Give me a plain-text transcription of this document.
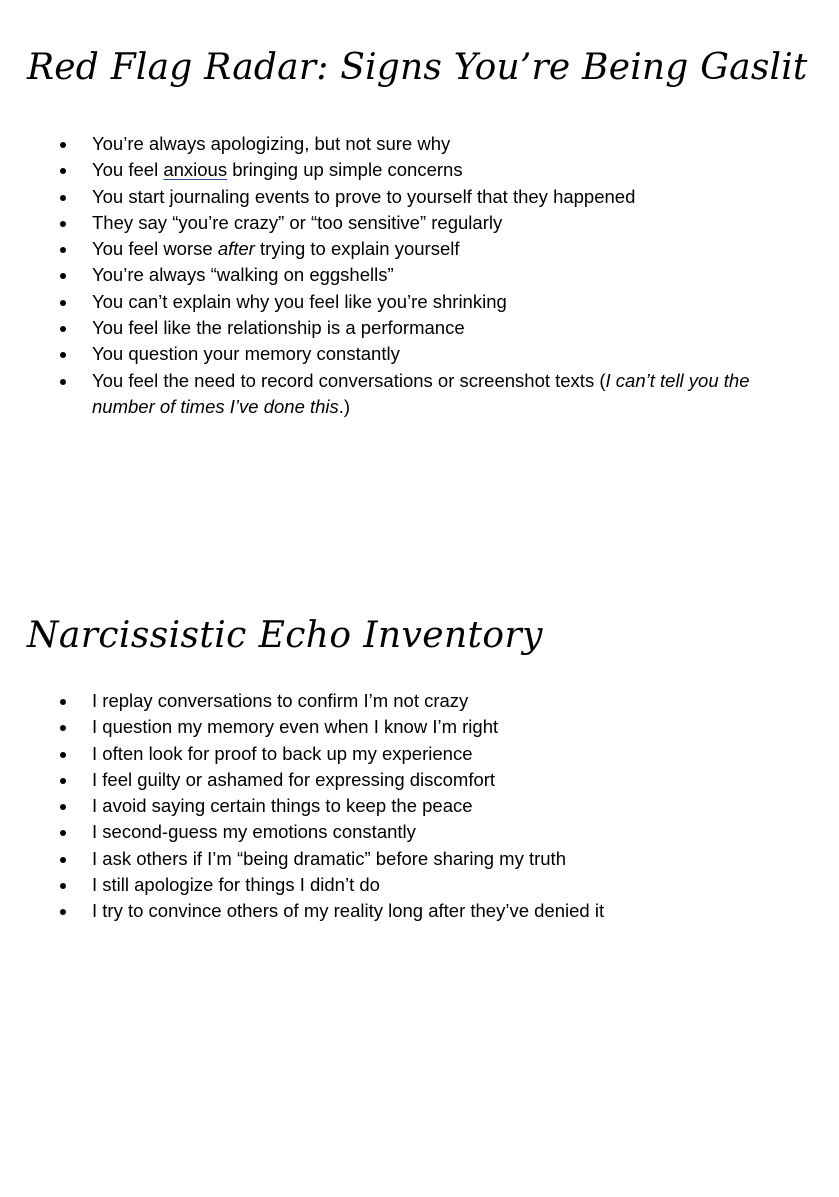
Red Flag Radar: Signs You’re Being Gaslit
You’re always apologizing, but not sure why
You feel anxious bringing up simple concerns
You start journaling events to prove to yourself that they happened
They say “you’re crazy” or “too sensitive” regularly
You feel worse after trying to explain yourself
You’re always “walking on eggshells”
You can’t explain why you feel like you’re shrinking
You feel like the relationship is a performance
You question your memory constantly
You feel the need to record conversations or screenshot texts (I can’t tell you the number of times I’ve done this.)
Narcissistic Echo Inventory
I replay conversations to confirm I’m not crazy
I question my memory even when I know I’m right
I often look for proof to back up my experience
I feel guilty or ashamed for expressing discomfort
I avoid saying certain things to keep the peace
I second-guess my emotions constantly
I ask others if I’m “being dramatic” before sharing my truth
I still apologize for things I didn’t do
I try to convince others of my reality long after they’ve denied it
